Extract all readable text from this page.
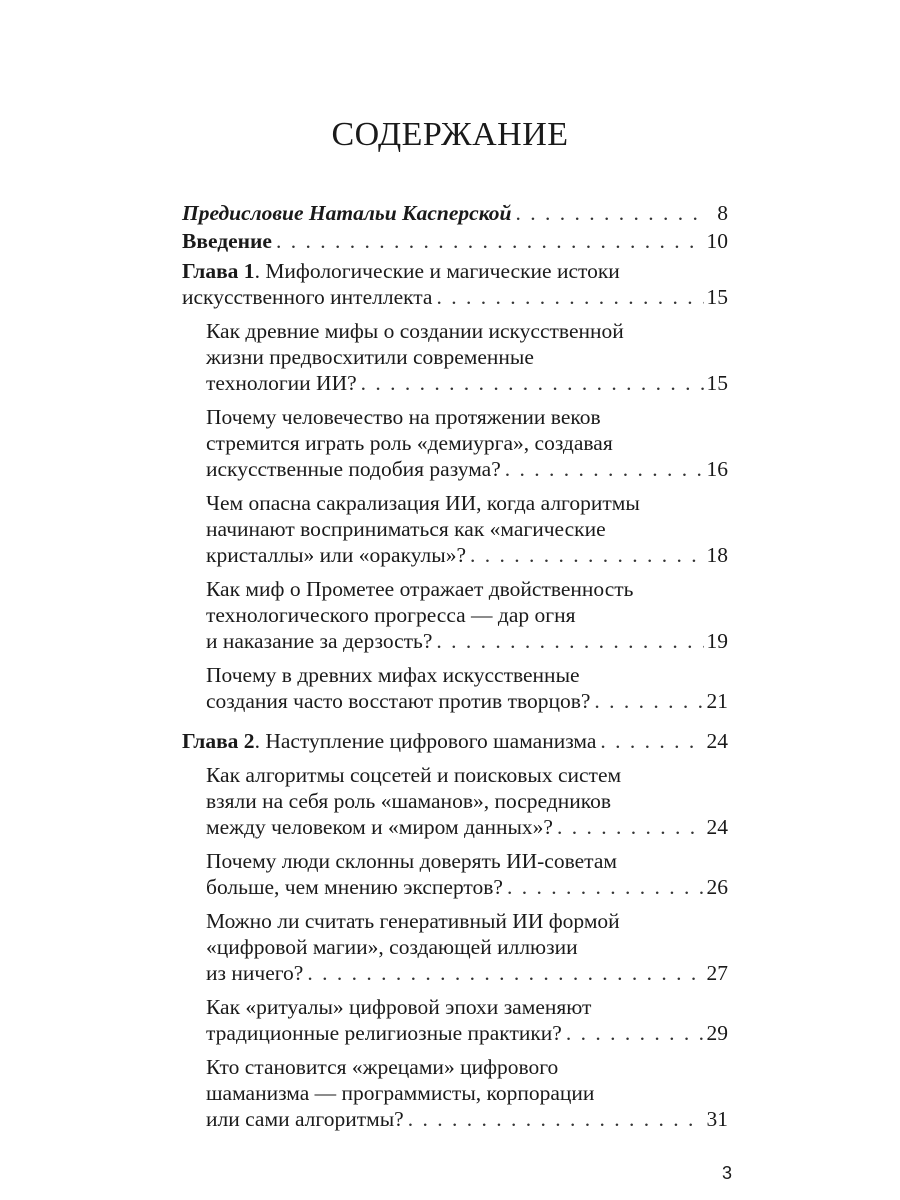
СОДЕРЖАНИЕ
Предисловие Натальи Касперской . . .	8
Введение . . .	10
Глава 1. Мифологические и магические истоки
искусственного интеллекта . . .	15
Как древние мифы о создании искусственной
жизни предвосхитили современные
технологии ИИ? . . .	15
Почему человечество на протяжении веков
стремится играть роль «демиурга», создавая
искусственные подобия разума? . . .	16
Чем опасна сакрализация ИИ, когда алгоритмы
начинают восприниматься как «магические
кристаллы» или «оракулы»? . . .	18
Как миф о Прометее отражает двойственность
технологического прогресса — дар огня
и наказание за дерзость? . . .	19
Почему в древних мифах искусственные
создания часто восстают против творцов? . . .	21
Глава 2. Наступление цифрового шаманизма . . .	24
Как алгоритмы соцсетей и поисковых систем
взяли на себя роль «шаманов», посредников
между человеком и «миром данных»? . . .	24
Почему люди склонны доверять ИИ-советам
больше, чем мнению экспертов? . . .	26
Можно ли считать генеративный ИИ формой
«цифровой магии», создающей иллюзии
из ничего? . . .	27
Как «ритуалы» цифровой эпохи заменяют
традиционные религиозные практики? . . .	29
Кто становится «жрецами» цифрового
шаманизма — программисты, корпорации
или сами алгоритмы? . . .	31
3
